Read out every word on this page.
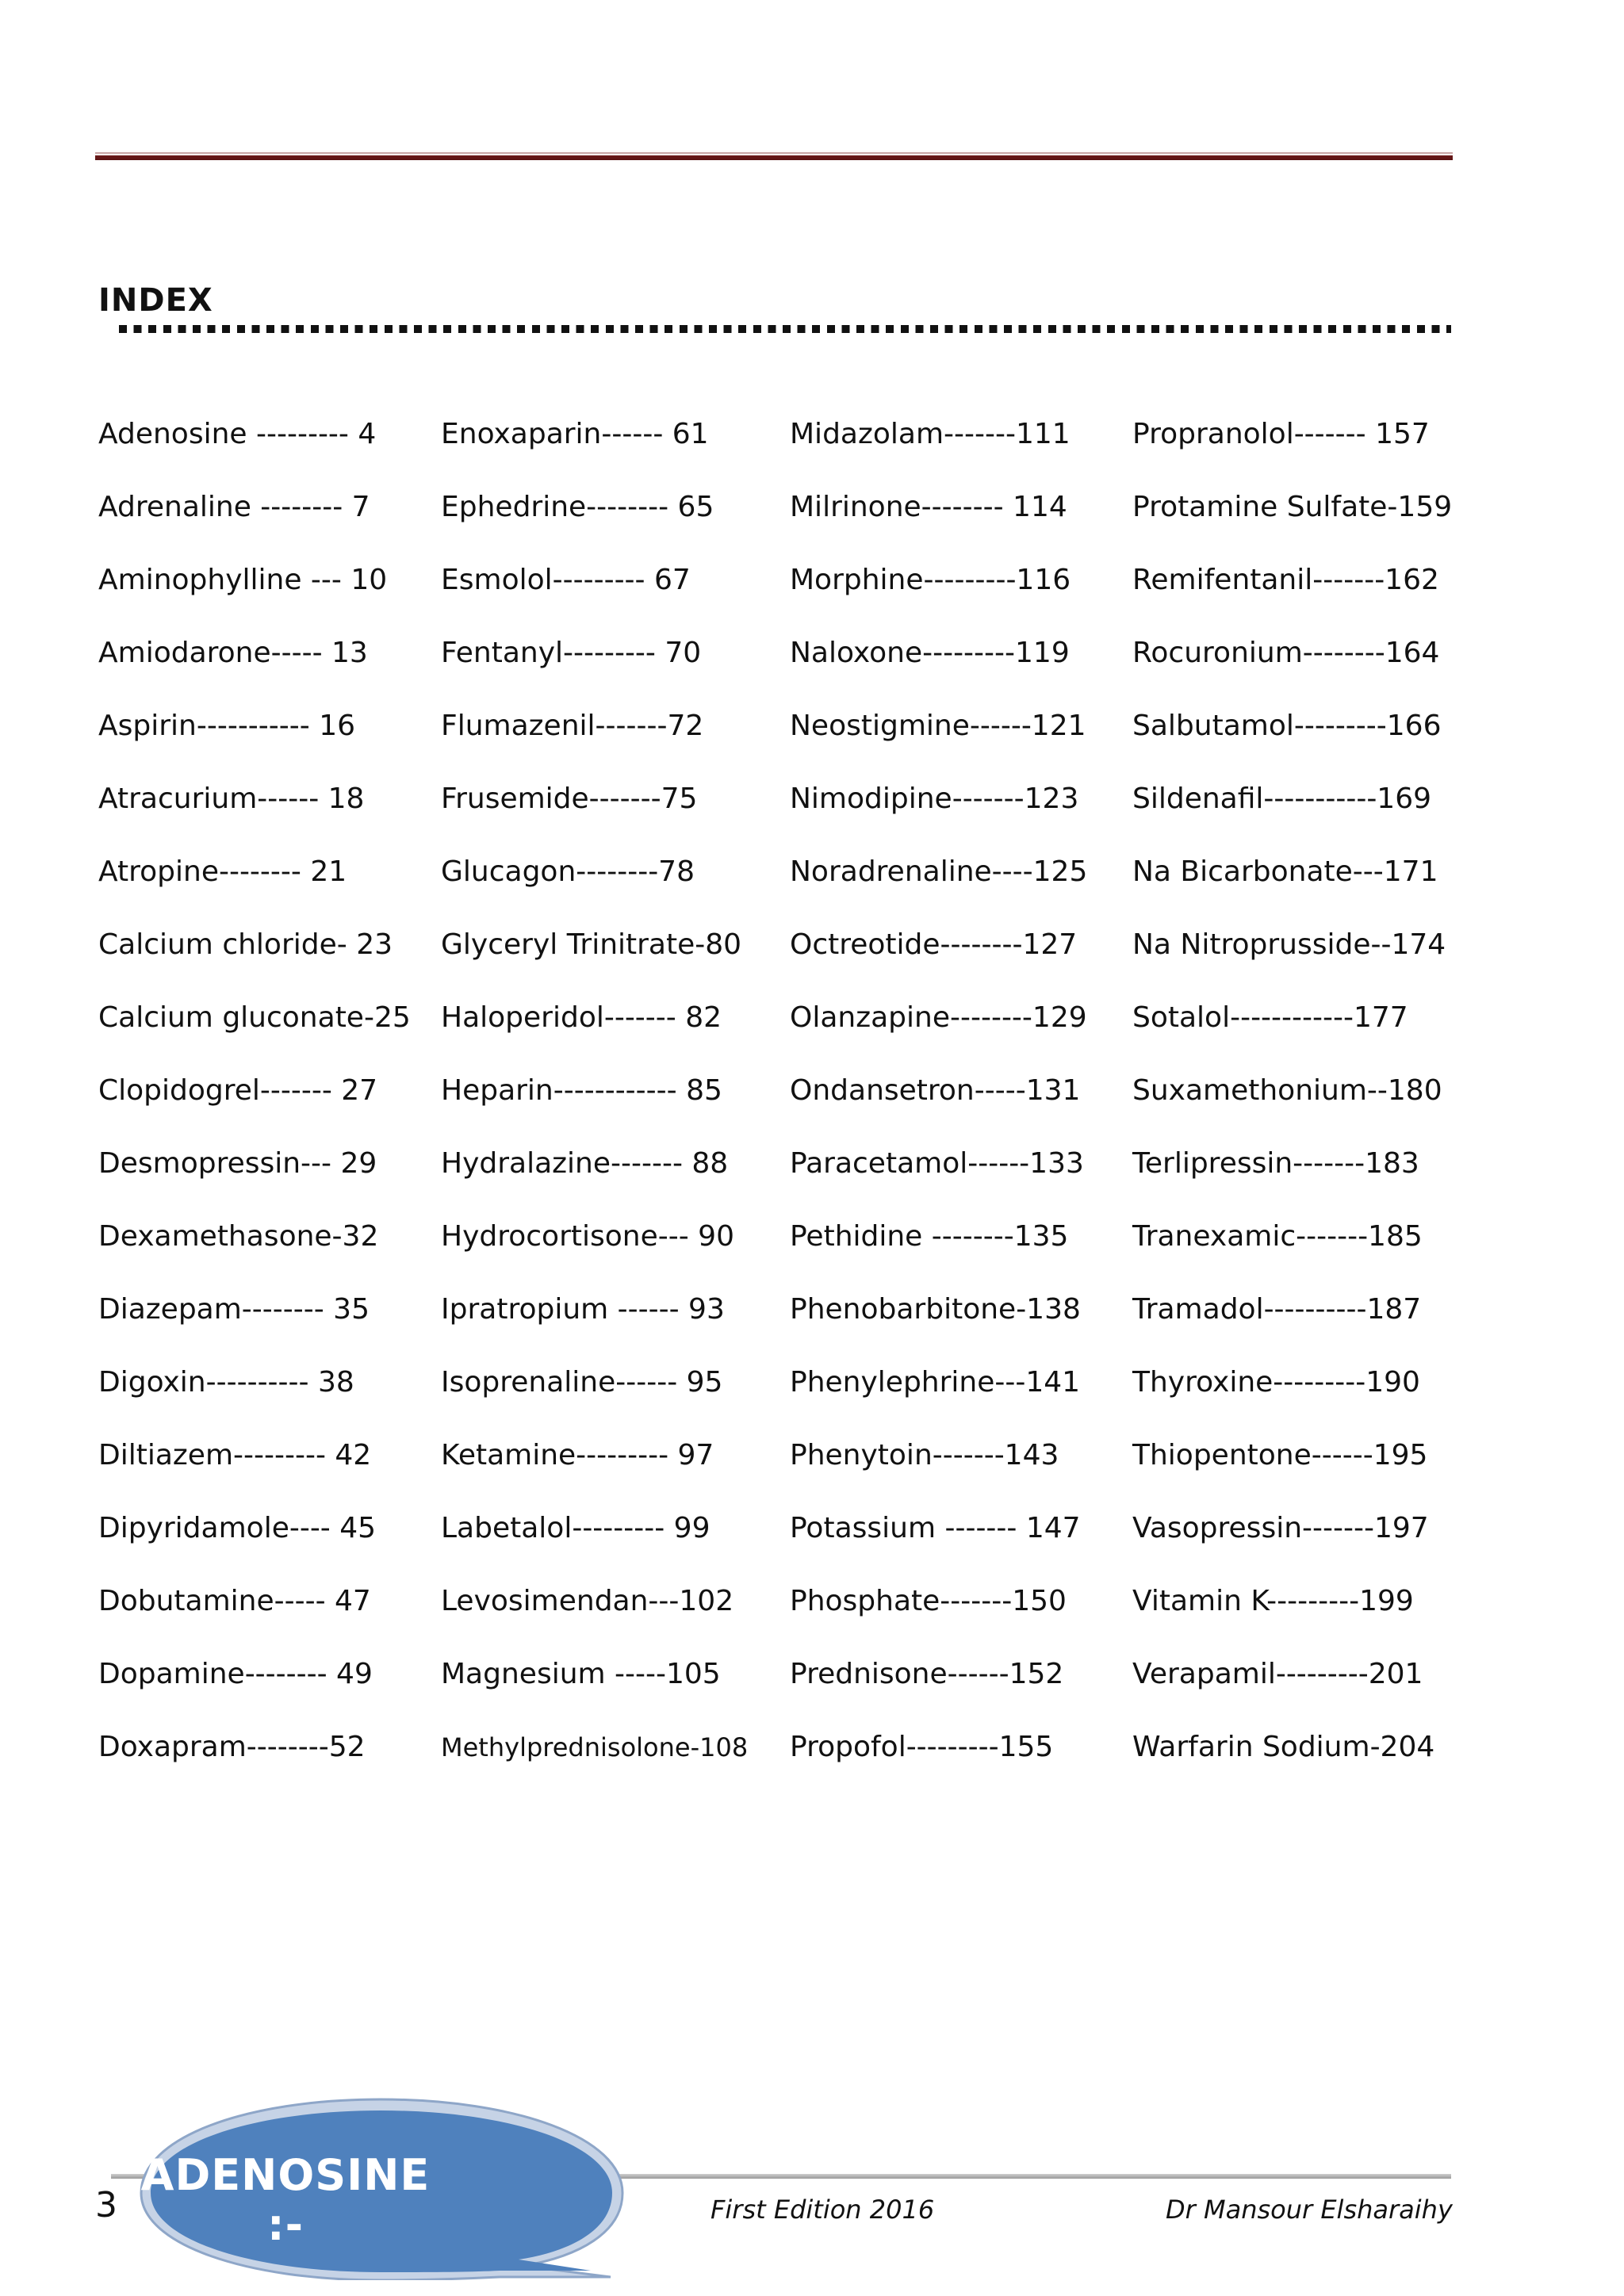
INDEX
Adenosine --------- 4
Adrenaline -------- 7
Aminophylline --- 10
Amiodarone----- 13
Aspirin----------- 16
Atracurium------ 18
Atropine-------- 21
Calcium chloride- 23
Calcium gluconate-25
Clopidogrel------- 27
Desmopressin--- 29
Dexamethasone-32
Diazepam-------- 35
Digoxin---------- 38
Diltiazem--------- 42
Dipyridamole---- 45
Dobutamine----- 47
Dopamine-------- 49
Doxapram--------52
Enoxaparin------ 61
Ephedrine-------- 65
Esmolol--------- 67
Fentanyl--------- 70
Flumazenil-------72
Frusemide-------75
Glucagon--------78
Glyceryl Trinitrate-80
Haloperidol------- 82
Heparin------------ 85
Hydralazine------- 88
Hydrocortisone--- 90
Ipratropium ------ 93
Isoprenaline------ 95
Ketamine--------- 97
Labetalol--------- 99
Levosimendan---102
Magnesium -----105
Methylprednisolone-108
Midazolam-------111
Milrinone-------- 114
Morphine---------116
Naloxone---------119
Neostigmine------121
Nimodipine-------123
Noradrenaline----125
Octreotide--------127
Olanzapine--------129
Ondansetron-----131
Paracetamol------133
Pethidine --------135
Phenobarbitone-138
Phenylephrine---141
Phenytoin-------143
Potassium ------- 147
Phosphate-------150
Prednisone------152
Propofol---------155
Propranolol------- 157
Protamine Sulfate-159
Remifentanil-------162
Rocuronium--------164
Salbutamol---------166
Sildenafil-----------169
Na Bicarbonate---171
Na Nitroprusside--174
Sotalol------------177
Suxamethonium--180
Terlipressin-------183
Tranexamic-------185
Tramadol----------187
Thyroxine---------190
Thiopentone------195
Vasopressin-------197
Vitamin K---------199
Verapamil---------201
Warfarin Sodium-204
3
ADENOSINE :-	First Edition 2016	Dr Mansour Elsharaihy
